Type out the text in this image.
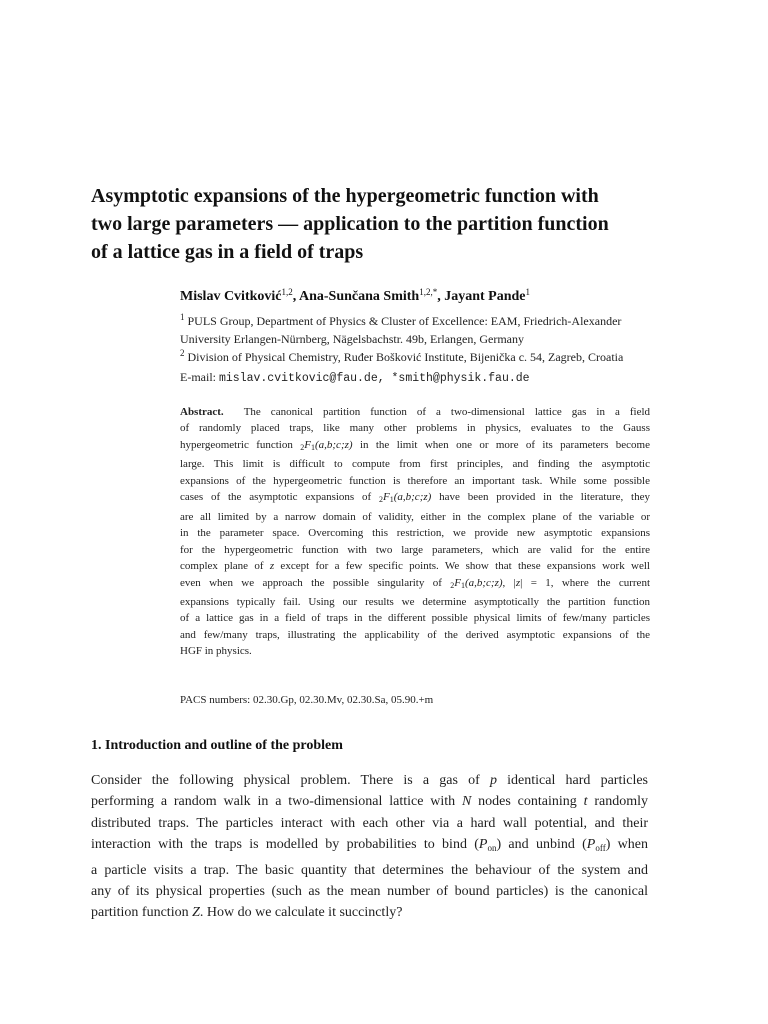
Asymptotic expansions of the hypergeometric function with
two large parameters — application to the partition function
of a lattice gas in a field of traps
Mislav Cvitković$^{1,2}$, Ana-Sunčana Smith$^{1,2,*}$, Jayant Pande$^1$
$^1$ PULS Group, Department of Physics & Cluster of Excellence: EAM, Friedrich-Alexander
University Erlangen-Nürnberg, Nägelsbachstr. 49b, Erlangen, Germany
$^2$ Division of Physical Chemistry, Ruđer Bošković Institute, Bijenička c. 54, Zagreb, Croatia
E-mail: mislav.cvitkovic@fau.de, *smith@physik.fau.de
Abstract. The canonical partition function of a two-dimensional lattice gas in a field
of randomly placed traps, like many other problems in physics, evaluates to the Gauss
hypergeometric function 2F1(a,b;c;z) in the limit when one or more of its parameters become
large. This limit is difficult to compute from first principles, and finding the asymptotic
expansions of the hypergeometric function is therefore an important task. While some possible
cases of the asymptotic expansions of 2F1(a,b;c;z) have been provided in the literature, they
are all limited by a narrow domain of validity, either in the complex plane of the variable or
in the parameter space. Overcoming this restriction, we provide new asymptotic expansions
for the hypergeometric function with two large parameters, which are valid for the entire
complex plane of z except for a few specific points. We show that these expansions work well
even when we approach the possible singularity of 2F1(a,b;c;z), |z| = 1, where the current
expansions typically fail. Using our results we determine asymptotically the partition function
of a lattice gas in a field of traps in the different possible physical limits of few/many particles
and few/many traps, illustrating the applicability of the derived asymptotic expansions of the
HGF in physics.
PACS numbers: 02.30.Gp, 02.30.Mv, 02.30.Sa, 05.90.+m
1. Introduction and outline of the problem
Consider the following physical problem. There is a gas of p identical hard particles
performing a random walk in a two-dimensional lattice with N nodes containing t randomly
distributed traps. The particles interact with each other via a hard wall potential, and their
interaction with the traps is modelled by probabilities to bind $(P_{on})$ and unbind $(P_{off})$ when
a particle visits a trap. The basic quantity that determines the behaviour of the system and
any of its physical properties (such as the mean number of bound particles) is the canonical
partition function Z. How do we calculate it succinctly?
